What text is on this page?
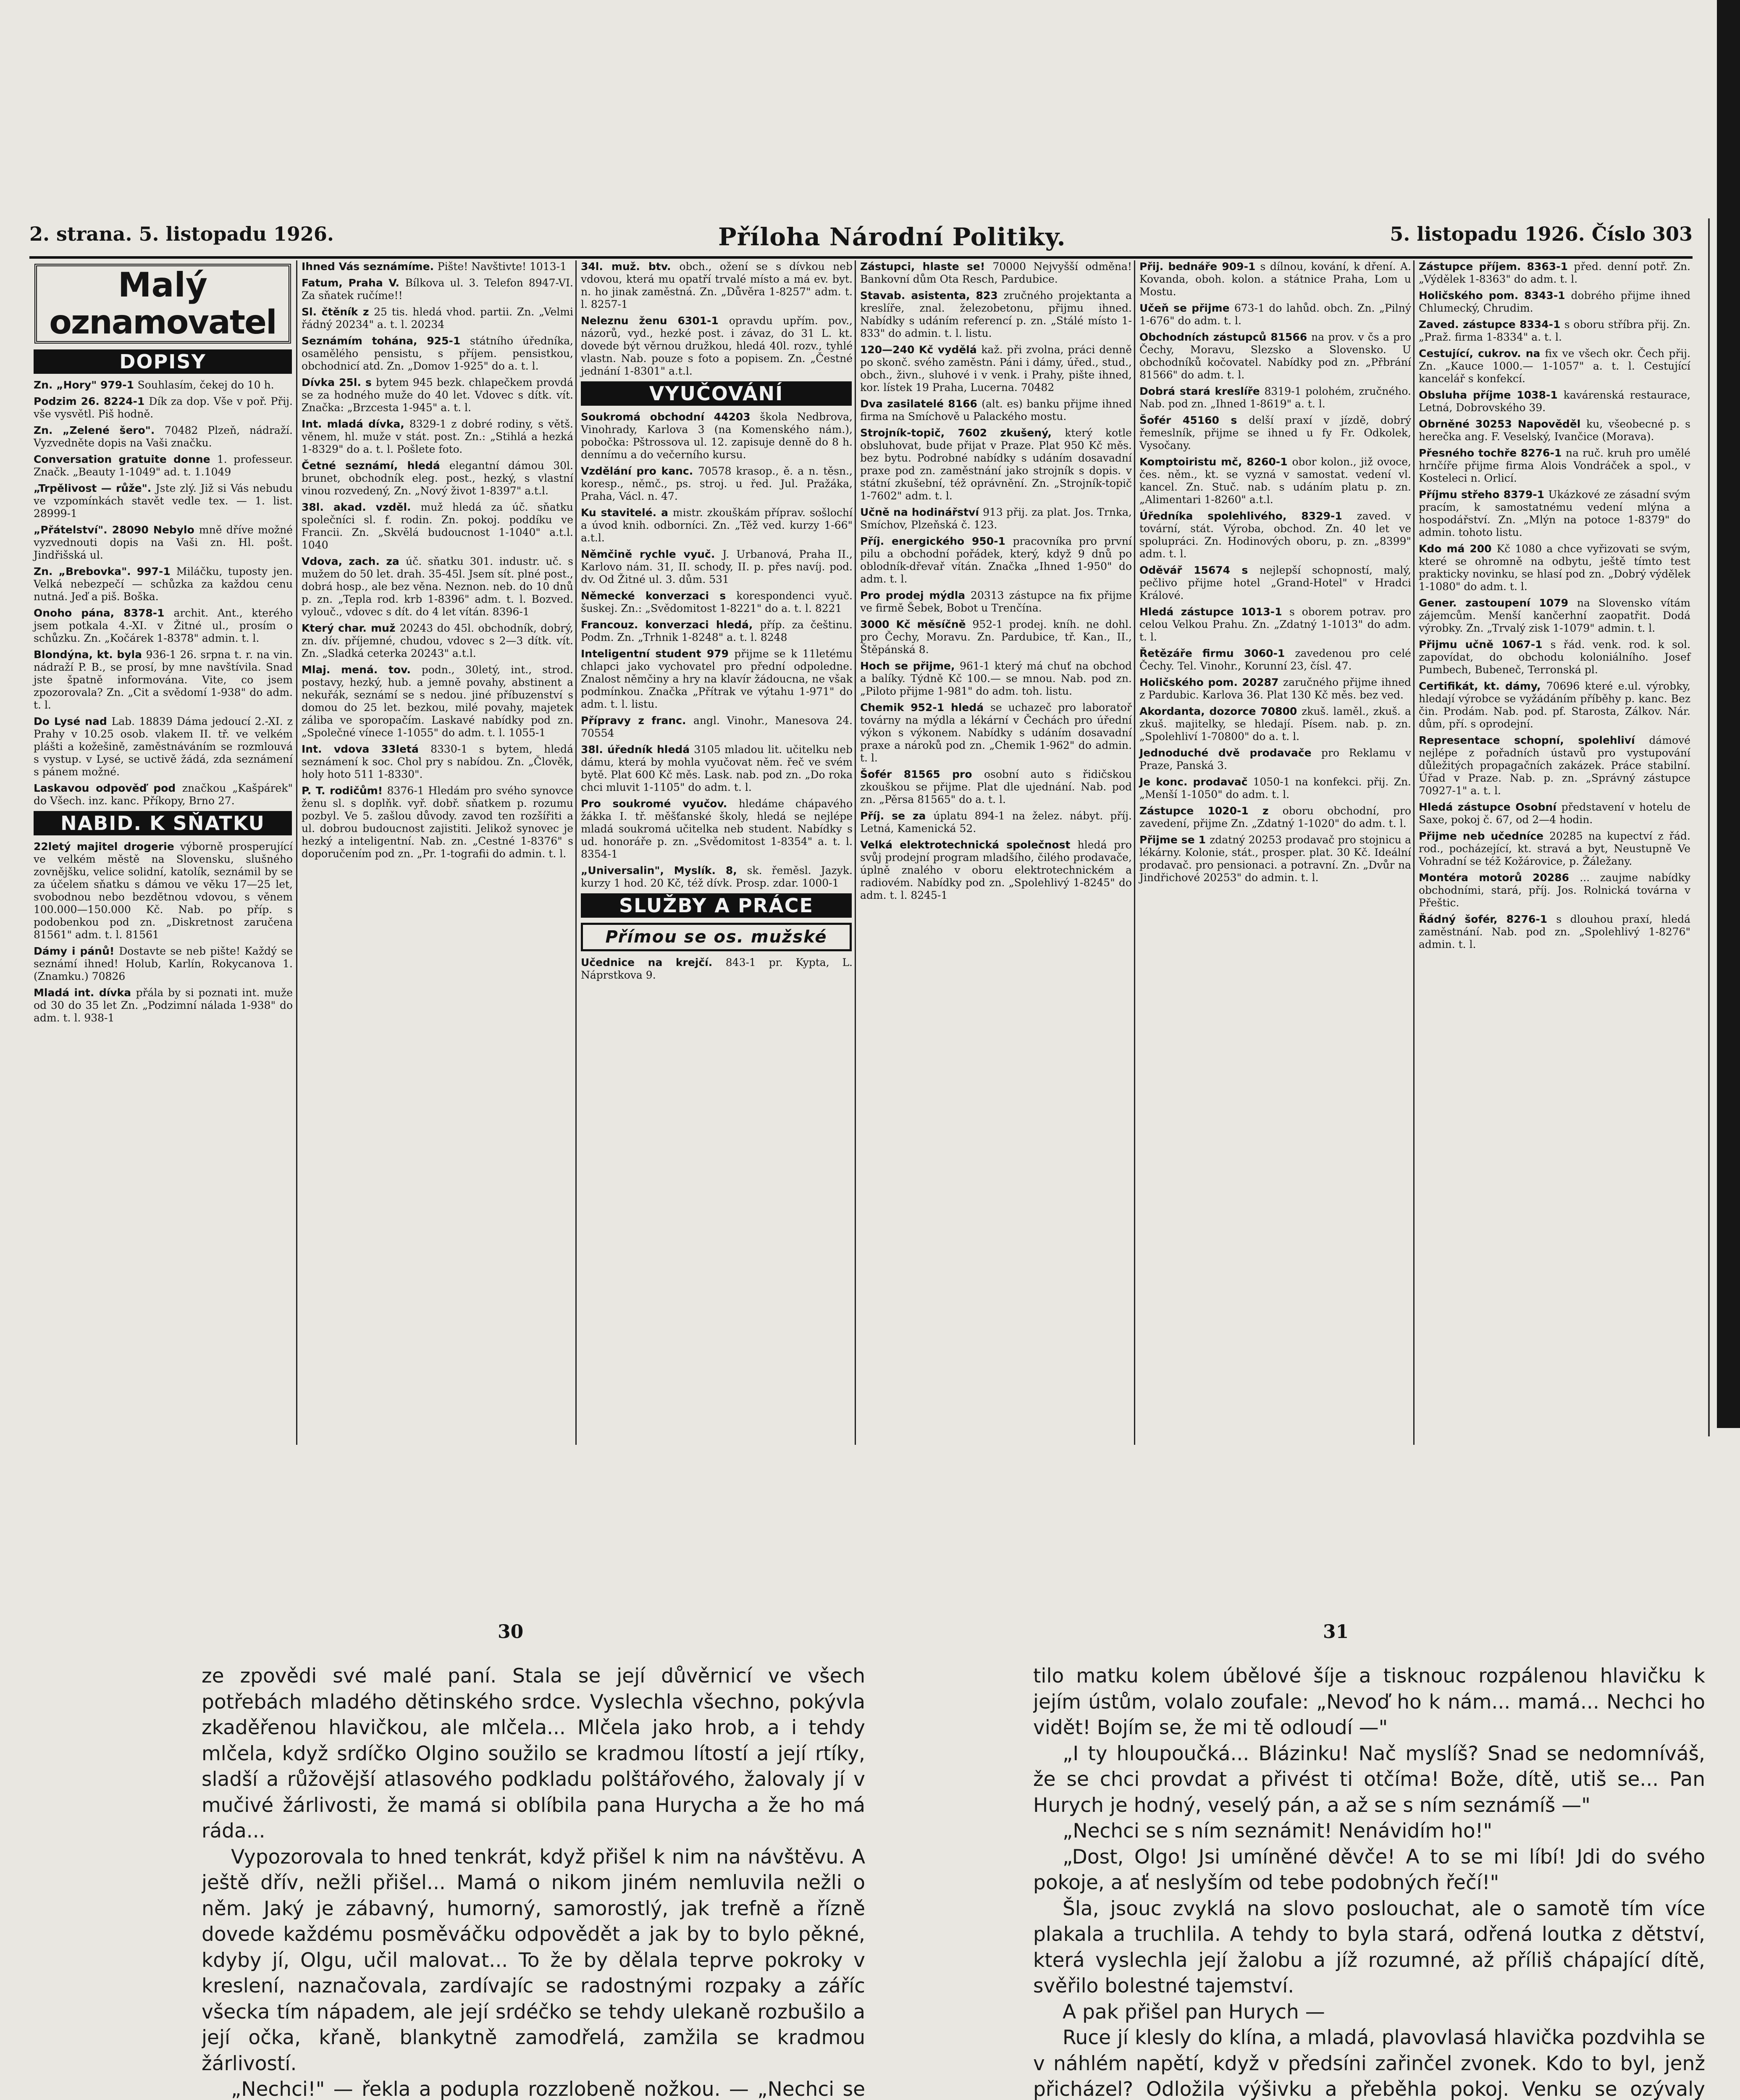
2. strana. 5. listopadu 1926.	Příloha Národní Politiky.	5. listopadu 1926. Číslo 303
Malý
oznamovatel
DOPISY
Zn. „Hory" 979-1 Souhlasím, čekej do 10 h.
Podzim 26. 8224-1 Dík za dop. Vše v poř. Přij. vše vysvětl. Piš hodně.
Zn. „Zelené šero". 70482 Plzeň, nádraží. Vyzvedněte dopis na Vaši značku.
Conversation gratuite donne 1. professeur. Značk. „Beauty 1-1049" ad. t. 1.1049
„Trpělivost — růže". Jste zlý. Již si Vás nebudu ve vzpomínkách stavět vedle tex. — 1. list. 28999-1
„Přátelství". 28090 Nebylo mně dříve možné vyzvednouti dopis na Vaši zn. Hl. pošt. Jindřišská ul.
Zn. „Brebovka". 997-1 Miláčku, tuposty jen. Velká nebezpečí — schůzka za každou cenu nutná. Jeď a piš. Boška.
Onoho pána, 8378-1 archit. Ant., kterého jsem potkala 4.-XI. v Žitné ul., prosím o schůzku. Zn. „Kočárek 1-8378" admin. t. l.
Blondýna, kt. byla 936-1 26. srpna t. r. na vin. nádraží P. B., se prosí, by mne navštívila. Snad jste špatně informována. Vite, co jsem zpozorovala? Zn. „Cit a svědomí 1-938" do adm. t. l.
Do Lysé nad Lab. 18839 Dáma jedoucí 2.-XI. z Prahy v 10.25 osob. vlakem II. tř. ve velkém plášti a kožešině, zaměstnáváním se rozmlouvá s vystup. v Lysé, se uctivě žádá, zda seznámení s pánem možné.
Laskavou odpověď pod značkou „Kašpárek" do Všech. inz. kanc. Příkopy, Brno 27.
NABID. K SŇATKU
22letý majitel drogerie výborně prosperující ve velkém městě na Slovensku, slušného zovnějšku, velice solidní, katolík, seznámil by se za účelem sňatku s dámou ve věku 17—25 let, svobodnou nebo bezdětnou vdovou, s věnem 100.000—150.000 Kč. Nab. po příp. s podobenkou pod zn. „Diskretnost zaručena 81561" adm. t. l. 81561
Dámy i pánů! Dostavte se neb pište! Každý se seznámí ihned! Holub, Karlín, Rokycanova 1. (Znamku.) 70826
Mladá int. dívka přála by si poznati int. muže od 30 do 35 let Zn. „Podzimní nálada 1-938" do adm. t. l. 938-1
Ihned Vás seznámíme. Pište! Navštivte! 1013-1
Fatum, Praha V. Bílkova ul. 3. Telefon 8947-VI. Za sňatek ručíme!!
Sl. čtěník z 25 tis. hledá vhod. partii. Zn. „Velmi řádný 20234" a. t. l. 20234
Seznámím tohána, 925-1 státního úředníka, osamělého pensistu, s příjem. pensistkou, obchodnicí atd. Zn. „Domov 1-925" do a. t. l.
Dívka 25l. s bytem 945 bezk. chlapečkem provdá se za hodného muže do 40 let. Vdovec s dítk. vít. Značka: „Brzcesta 1-945" a. t. l.
Int. mladá dívka, 8329-1 z dobré rodiny, s větš. věnem, hl. muže v stát. post. Zn.: „Stihlá a hezká 1-8329" do a. t. l. Pošlete foto.
Četné seznámí, hledá elegantní dámou 30l. brunet, obchodník eleg. post., hezký, s vlastní vinou rozvedený, Zn. „Nový život 1-8397" a.t.l.
38l. akad. vzděl. muž hledá za úč. sňatku společníci sl. f. rodin. Zn. pokoj. poddíku ve Francii. Zn. „Skvělá budoucnost 1-1040" a.t.l. 1040
Vdova, zach. za úč. sňatku 301. industr. uč. s mužem do 50 let. drah. 35-45l. Jsem sít. plné post., dobrá hosp., ale bez věna. Neznon. neb. do 10 dnů p. zn. „Tepla rod. krb 1-8396" adm. t. l. Bozved. vylouč., vdovec s dít. do 4 let vítán. 8396-1
Který char. muž 20243 do 45l. obchodník, dobrý, zn. dív. příjemné, chudou, vdovec s 2—3 dítk. vít. Zn. „Sladká ceterka 20243" a.t.l.
Mlaj. mená. tov. podn., 30letý, int., strod. postavy, hezký, hub. a jemně povahy, abstinent a nekuřák, seznámí se s nedou. jiné příbuzenství s domou do 25 let. bezkou, milé povahy, majetek záliba ve sporopačím. Laskavé nabídky pod zn. „Společné vínece 1-1055" do adm. t. l. 1055-1
Int. vdova 33letá 8330-1 s bytem, hledá seznámení k soc. Chol pry s nabídou. Zn. „Člověk, holy hoto 511 1-8330".
P. T. rodičům! 8376-1 Hledám pro svého synovce ženu sl. s doplňk. vyř. dobř. sňatkem p. rozumu pozbyl. Ve 5. zašlou důvody. zavod ten rozšířiti a ul. dobrou budoucnost zajistiti. Jelikož synovec je hezký a inteligentní. Nab. zn. „Cestné 1-8376" s doporučením pod zn. „Pr. 1-tografii do admin. t. l.
34l. muž. btv. obch., ožení se s dívkou neb vdovou, která mu opatří trvalé místo a má ev. byt. n. ho jinak zaměstná. Zn. „Důvěra 1-8257" adm. t. l. 8257-1
Neleznu ženu 6301-1 opravdu upřím. pov., názorů, vyd., hezké post. i závaz, do 31 L. kt. dovede být věrnou družkou, hledá 40l. rozv., tyhlé vlastn. Nab. pouze s foto a popisem. Zn. „Čestné jednání 1-8301" a.t.l.
VYUČOVÁNÍ
Soukromá obchodní 44203 škola Nedbrova, Vinohrady, Karlova 3 (na Komenského nám.), pobočka: Pštrossova ul. 12. zapisuje denně do 8 h. dennímu a do večerního kursu.
Vzdělání pro kanc. 70578 krasop., ě. a n. těsn., koresp., němč., ps. stroj. u řed. Jul. Pražáka, Praha, Václ. n. 47.
Ku stavitelé. a mistr. zkouškám příprav. sošlochí a úvod knih. odborníci. Zn. „Těž ved. kurzy 1-66" a.t.l.
Němčině rychle vyuč. J. Urbanová, Praha II., Karlovo nám. 31, II. schody, II. p. přes navíj. pod. dv. Od Žitné ul. 3. dům. 531
Německé konverzaci s korespondenci vyuč. šuskej. Zn.: „Svědomitost 1-8221" do a. t. l. 8221
Francouz. konverzaci hledá, příp. za češtinu. Podm. Zn. „Trhnik 1-8248" a. t. l. 8248
Inteligentní student 979 přijme se k 11letému chlapci jako vychovatel pro přední odpoledne. Znalost němčiny a hry na klavír žádoucna, ne však podmínkou. Značka „Přítrak ve výtahu 1-971" do adm. t. l. listu.
Přípravy z franc. angl. Vinohr., Manesova 24. 70554
38l. úředník hledá 3105 mladou lit. učitelku neb dámu, která by mohla vyučovat něm. řeč ve svém bytě. Plat 600 Kč měs. Lask. nab. pod zn. „Do roka chci mluvit 1-1105" do adm. t. l.
Pro soukromé vyučov. hledáme chápavého žákka I. tř. měšťanské školy, hledá se nejlépe mladá soukromá učitelka neb student. Nabídky s ud. honoráře p. zn. „Svědomitost 1-8354" a. t. l. 8354-1
„Universalin", Myslík. 8, sk. řeměsl. Jazyk. kurzy 1 hod. 20 Kč, též dívk. Prosp. zdar. 1000-1
SLUŽBY A PRÁCE
Přímou se os. mužské
Učednice na krejčí. 843-1 pr. Kypta, L. Náprstkova 9.
Zástupci, hlaste se! 70000 Nejvyšší odměna! Bankovní dům Ota Resch, Pardubice.
Stavab. asistenta, 823 zručného projektanta a kreslíře, znal. železobetonu, přijmu ihned. Nabídky s udáním referencí p. zn. „Stálé místo 1-833" do admin. t. l. listu.
120—240 Kč vydělá kaž. při zvolna, práci denně po skonč. svého zaměstn. Páni i dámy, úřed., stud., obch., živn., sluhové i v venk. i Prahy, pište ihned, kor. lístek 19 Praha, Lucerna. 70482
Dva zasilatelé 8166 (alt. es) banku přijme ihned firma na Smíchově u Palackého mostu.
Strojník-topič, 7602 zkušený, který kotle obsluhovat, bude přijat v Praze. Plat 950 Kč měs. bez bytu. Podrobné nabídky s udáním dosavadní praxe pod zn. zaměstnání jako strojník s dopis. v státní zkušební, též oprávnění. Zn. „Strojník-topič 1-7602" adm. t. l.
Učně na hodinářství 913 přij. za plat. Jos. Trnka, Smíchov, Plzeňská č. 123.
Příj. energického 950-1 pracovníka pro první pilu a obchodní pořádek, který, když 9 dnů po oblodník-dřevař vítán. Značka „Ihned 1-950" do adm. t. l.
Pro prodej mýdla 20313 zástupce na fix přijme ve firmě Šebek, Bobot u Trenčína.
3000 Kč měsíčně 952-1 prodej. kníh. ne dohl. pro Čechy, Moravu. Zn. Pardubice, tř. Kan., II., Štěpánská 8.
Hoch se přijme, 961-1 který má chuť na obchod a balíky. Týdně Kč 100.— se mnou. Nab. pod zn. „Piloto přijme 1-981" do adm. toh. listu.
Chemik 952-1 hledá se uchazeč pro laboratoř továrny na mýdla a lékární v Čechách pro úřední výkon s výkonem. Nabídky s udáním dosavadní praxe a nároků pod zn. „Chemik 1-962" do admin. t. l.
Šofér 81565 pro osobní auto s řidičskou zkouškou se přijme. Plat dle ujednání. Nab. pod zn. „Pěrsa 81565" do a. t. l.
Příj. se za úplatu 894-1 na želez. nábyt. příj. Letná, Kamenická 52.
Velká elektrotechnická společnost hledá pro svůj prodejní program mladšího, čilého prodavače, úplně znalého v oboru elektrotechnickém a radiovém. Nabídky pod zn. „Spolehlivý 1-8245" do adm. t. l. 8245-1
Přij. bednáře 909-1 s dílnou, kování, k dření. A. Kovanda, oboh. kolon. a státnice Praha, Lom u Mostu.
Učeň se přijme 673-1 do lahůd. obch. Zn. „Pilný 1-676" do adm. t. l.
Obchodních zástupců 81566 na prov. v čs a pro Čechy, Moravu, Slezsko a Slovensko. U obchodníků kočovatel. Nabídky pod zn. „Přbrání 81566" do adm. t. l.
Dobrá stará kreslíře 8319-1 polohém, zručného. Nab. pod zn. „Ihned 1-8619" a. t. l.
Šofér 45160 s delší praxí v jízdě, dobrý řemeslník, přijme se ihned u fy Fr. Odkolek, Vysočany.
Komptoiristu mč, 8260-1 obor kolon., již ovoce, čes. něm., kt. se vyzná v samostat. vedení vl. kancel. Zn. Stuč. nab. s udáním platu p. zn. „Alimentari 1-8260" a.t.l.
Úředníka spolehlivého, 8329-1 zaved. v tovární, stát. Výroba, obchod. Zn. 40 let ve spolupráci. Zn. Hodinových oboru, p. zn. „8399" adm. t. l.
Oděvář 15674 s nejlepší schopností, malý, pečlivo přijme hotel „Grand-Hotel" v Hradci Králové.
Hledá zástupce 1013-1 s oborem potrav. pro celou Velkou Prahu. Zn. „Zdatný 1-1013" do adm. t. l.
Řetězáře firmu 3060-1 zavedenou pro celé Čechy. Tel. Vinohr., Korunní 23, čísl. 47.
Holičského pom. 20287 zaručného přijme ihned z Pardubic. Karlova 36. Plat 130 Kč měs. bez ved.
Akordanta, dozorce 70800 zkuš. laměl., zkuš. a zkuš. majitelky, se hledají. Písem. nab. p. zn. „Spolehliví 1-70800" do a. t. l.
Jednoduché dvě prodavače pro Reklamu v Praze, Panská 3.
Je konc. prodavač 1050-1 na konfekci. přij. Zn. „Menší 1-1050" do adm. t. l.
Zástupce 1020-1 z oboru obchodní, pro zavedení, přijme Zn. „Zdatný 1-1020" do adm. t. l.
Přijme se 1 zdatný 20253 prodavač pro stojnicu a lékárny. Kolonie, stát., prosper. plat. 30 Kč. Ideální prodavač. pro pensionaci. a potravní. Zn. „Dvůr na Jindřichové 20253" do admin. t. l.
Zástupce příjem. 8363-1 před. denní potř. Zn. „Výdělek 1-8363" do adm. t. l.
Holičského pom. 8343-1 dobrého přijme ihned Chlumecký, Chrudim.
Zaved. zástupce 8334-1 s oboru stříbra přij. Zn. „Praž. firma 1-8334" a. t. l.
Cestující, cukrov. na fix ve všech okr. Čech přij. Zn. „Kauce 1000.— 1-1057" a. t. l. Cestující kancelář s konfekcí.
Obsluha příjme 1038-1 kavárenská restaurace, Letná, Dobrovského 39.
Obrněné 30253 Napověděl ku, všeobecné p. s herečka ang. F. Veselský, Ivančice (Morava).
Přesného tochře 8276-1 na ruč. kruh pro umělé hrnčíře přijme firma Alois Vondráček a spol., v Kosteleci n. Orlicí.
Příjmu střeho 8379-1 Ukázkové ze zásadní svým pracím, k samostatnému vedení mlýna a hospodářství. Zn. „Mlýn na potoce 1-8379" do admin. tohoto listu.
Kdo má 200 Kč 1080 a chce vyřizovati se svým, které se ohromně na odbytu, ještě tímto test prakticky novinku, se hlasí pod zn. „Dobrý výdělek 1-1080" do adm. t. l.
Gener. zastoupení 1079 na Slovensko vítám zájemcům. Menší kančerhní zaopatřit. Dodá výrobky. Zn. „Trvalý zisk 1-1079" admin. t. l.
Přijmu učně 1067-1 s řád. venk. rod. k sol. zapovídat, do obchodu koloniálního. Josef Pumbech, Bubeneč, Terronská pl.
Certifikát, kt. dámy, 70696 které e.ul. výrobky, hledají výrobce se vyžádáním příběhy p. kanc. Bez čin. Prodám. Nab. pod. pf. Starosta, Zálkov. Nár. dům, pří. s oprodejní.
Representace schopní, spolehliví dámové nejlépe z pořadních ústavů pro vystupování důležitých propagačních zakázek. Práce stabilní. Úřad v Praze. Nab. p. zn. „Správný zástupce 70927-1" a. t. l.
Hledá zástupce Osobní představení v hotelu de Saxe, pokoj č. 67, od 2—4 hodin.
Přijme neb učedníce 20285 na kupectví z řád. rod., pocházející, kt. stravá a byt, Neustupně Ve Vohradní se též Kožárovice, p. Žáležany.
Montéra motorů 20286 ... zaujme nabídky obchodními, stará, příj. Jos. Rolnická továrna v Přeštic.
Řádný šofér, 8276-1 s dlouhou praxí, hledá zaměstnání. Nab. pod zn. „Spolehlivý 1-8276" admin. t. l.
30	31

ze zpovědi své malé paní. Stala se její důvěrnicí ve všech potřebách mladého dětinského srdce. Vyslechla všechno, pokývla zkaděřenou hlavičkou, ale mlčela... Mlčela jako hrob, a i tehdy mlčela, když srdíčko Olgino soužilo se kradmou lítostí a její rtíky, sladší a růžovější atlasového podkladu polštářového, žalovaly jí v mučivé žárlivosti, že mamá si oblíbila pana Hurycha a že ho má ráda...

Vypozorovala to hned tenkrát, když přišel k nim na návštěvu. A ještě dřív, nežli přišel... Mamá o nikom jiném nemluvila nežli o něm. Jaký je zábavný, humorný, samorostlý, jak trefně a řízně dovede každému posměváčku odpovědět a jak by to bylo pěkné, kdyby jí, Olgu, učil malovat... To že by dělala teprve pokroky v kreslení, naznačovala, zardívajíc se radostnými rozpaky a záříc všecka tím nápadem, ale její srdéčko se tehdy ulekaně rozbušilo a její očka, křaně, blankytně zamodřelá, zamžila se kradmou žárlivostí.

„Nechci!" — řekla a podupla rozzlobeně nožkou. — „Nechci se

tilo matku kolem úbělové šíje a tisknouc rozpálenou hlavičku k jejím ústům, volalo zoufale: „Nevoď ho k nám... mamá... Nechci ho vidět! Bojím se, že mi tě odloudí —"

„I ty hloupoučká... Blázinku! Nač myslíš? Snad se nedomníváš, že se chci provdat a přivést ti otčíma! Bože, dítě, utiš se... Pan Hurych je hodný, veselý pán, a až se s ním seznámíš —"

„Nechci se s ním seznámit! Nenávidím ho!"

„Dost, Olgo! Jsi umíněné děvče! A to se mi líbí! Jdi do svého pokoje, a ať neslyším od tebe podobných řečí!"

Šla, jsouc zvyklá na slovo poslouchat, ale o samotě tím více plakala a truchlila. A tehdy to byla stará, odřená loutka z dětství, která vyslechla její žalobu a jíž rozumné, až příliš chápající dítě, svěřilo bolestné tajemství.

A pak přišel pan Hurych —

Ruce jí klesly do klína, a mladá, plavovlasá hlavička pozdvihla se v náhlém napětí, když v předsíni zařinčel zvonek. Kdo to byl, jenž přicházel? Odložila výšivku a přeběhla pokoj. Venku se ozývaly
